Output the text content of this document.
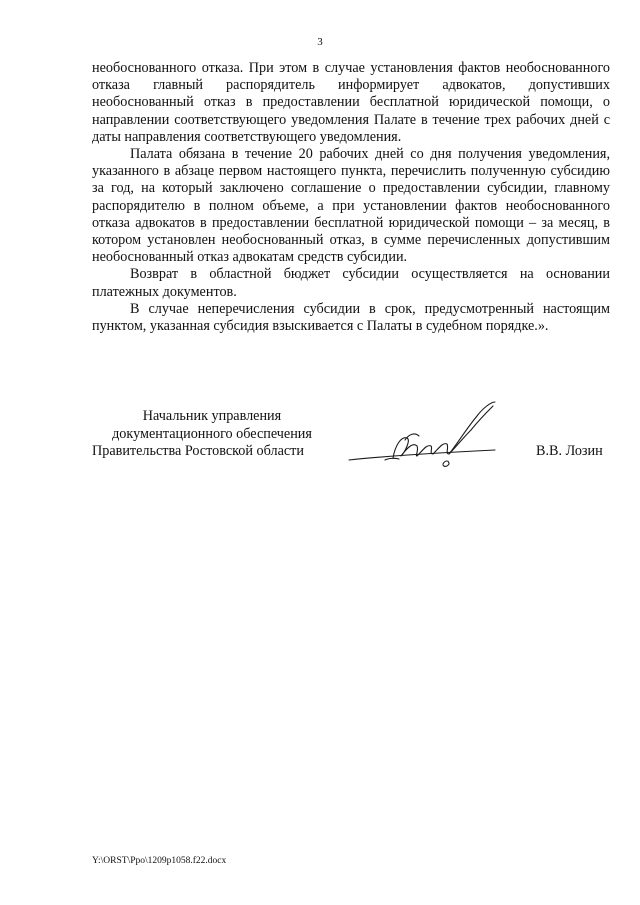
3

необоснованного отказа. При этом в случае установления фактов необоснованного отказа главный распорядитель информирует адвокатов, допустивших необоснованный отказ в предоставлении бесплатной юридической помощи, о направлении соответствующего уведомления Палате в течение трех рабочих дней с даты направления соответствующего уведомления.

Палата обязана в течение 20 рабочих дней со дня получения уведомления, указанного в абзаце первом настоящего пункта, перечислить полученную субсидию за год, на который заключено соглашение о предоставлении субсидии, главному распорядителю в полном объеме, а при установлении фактов необоснованного отказа адвокатов в предоставлении бесплатной юридической помощи – за месяц, в котором установлен необоснованный отказ, в сумме перечисленных допустившим необоснованный отказ адвокатам средств субсидии.

Возврат в областной бюджет субсидии осуществляется на основании платежных документов.

В случае неперечисления субсидии в срок, предусмотренный настоящим пунктом, указанная субсидия взыскивается с Палаты в судебном порядке.».

Начальник управления
документационного обеспечения
Правительства Ростовской области	В.В. Лозин
Y:\ORST\Ppo\1209p1058.f22.docx
